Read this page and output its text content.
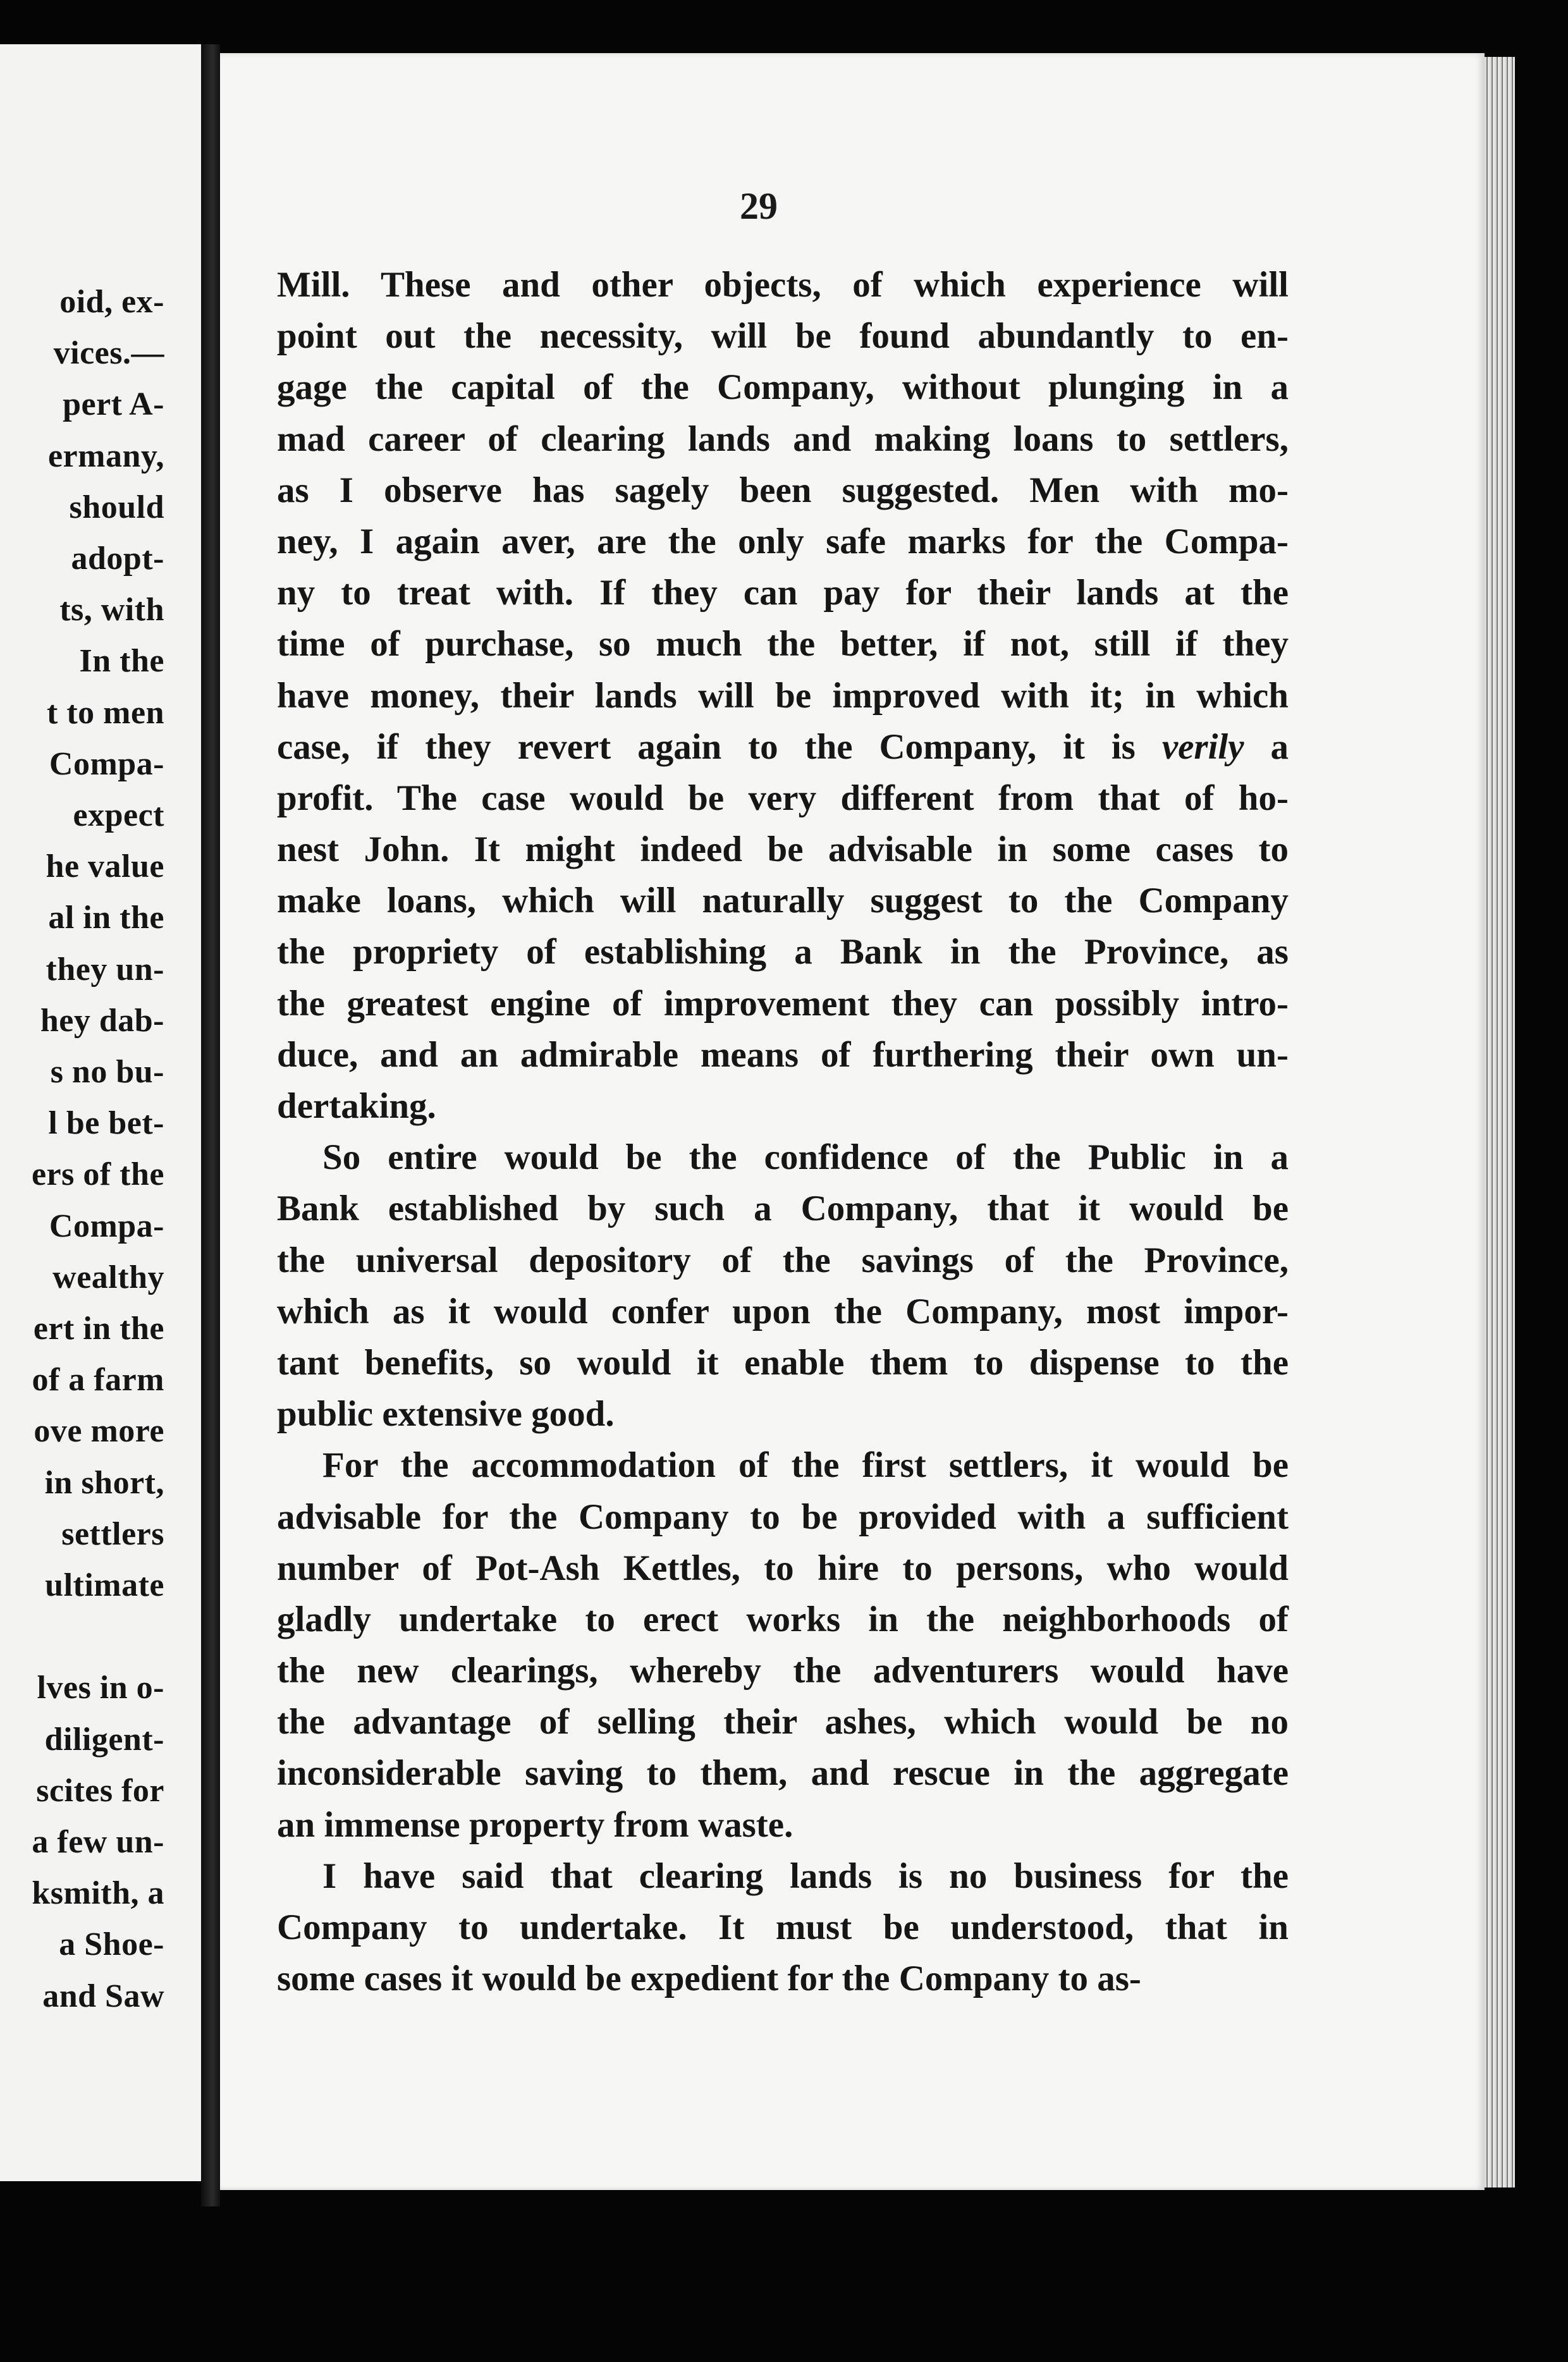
oid, ex-
vices.—
pert A-
ermany,
should
adopt-
ts, with
In the
t to men
Compa-
expect
he value
al in the
they un-
hey dab-
s no bu-
l be bet-
ers of the
Compa-
wealthy
ert in the
of a farm
ove more
in short,
settlers
ultimate
lves in o-
diligent-
scites for
a few un-
ksmith, a
a Shoe-
and Saw
29

Mill. These and other objects, of which experience will
point out the necessity, will be found abundantly to en-
gage the capital of the Company, without plunging in a
mad career of clearing lands and making loans to settlers,
as I observe has sagely been suggested. Men with mo-
ney, I again aver, are the only safe marks for the Compa-
ny to treat with. If they can pay for their lands at the
time of purchase, so much the better, if not, still if they
have money, their lands will be improved with it; in which
case, if they revert again to the Company, it is verily a
profit. The case would be very different from that of ho-
nest John. It might indeed be advisable in some cases to
make loans, which will naturally suggest to the Company
the propriety of establishing a Bank in the Province, as
the greatest engine of improvement they can possibly intro-
duce, and an admirable means of furthering their own un-
dertaking.

So entire would be the confidence of the Public in a
Bank established by such a Company, that it would be
the universal depository of the savings of the Province,
which as it would confer upon the Company, most impor-
tant benefits, so would it enable them to dispense to the
public extensive good.

For the accommodation of the first settlers, it would be
advisable for the Company to be provided with a sufficient
number of Pot-Ash Kettles, to hire to persons, who would
gladly undertake to erect works in the neighborhoods of
the new clearings, whereby the adventurers would have
the advantage of selling their ashes, which would be no
inconsiderable saving to them, and rescue in the aggregate
an immense property from waste.

I have said that clearing lands is no business for the
Company to undertake. It must be understood, that in
some cases it would be expedient for the Company to as-
